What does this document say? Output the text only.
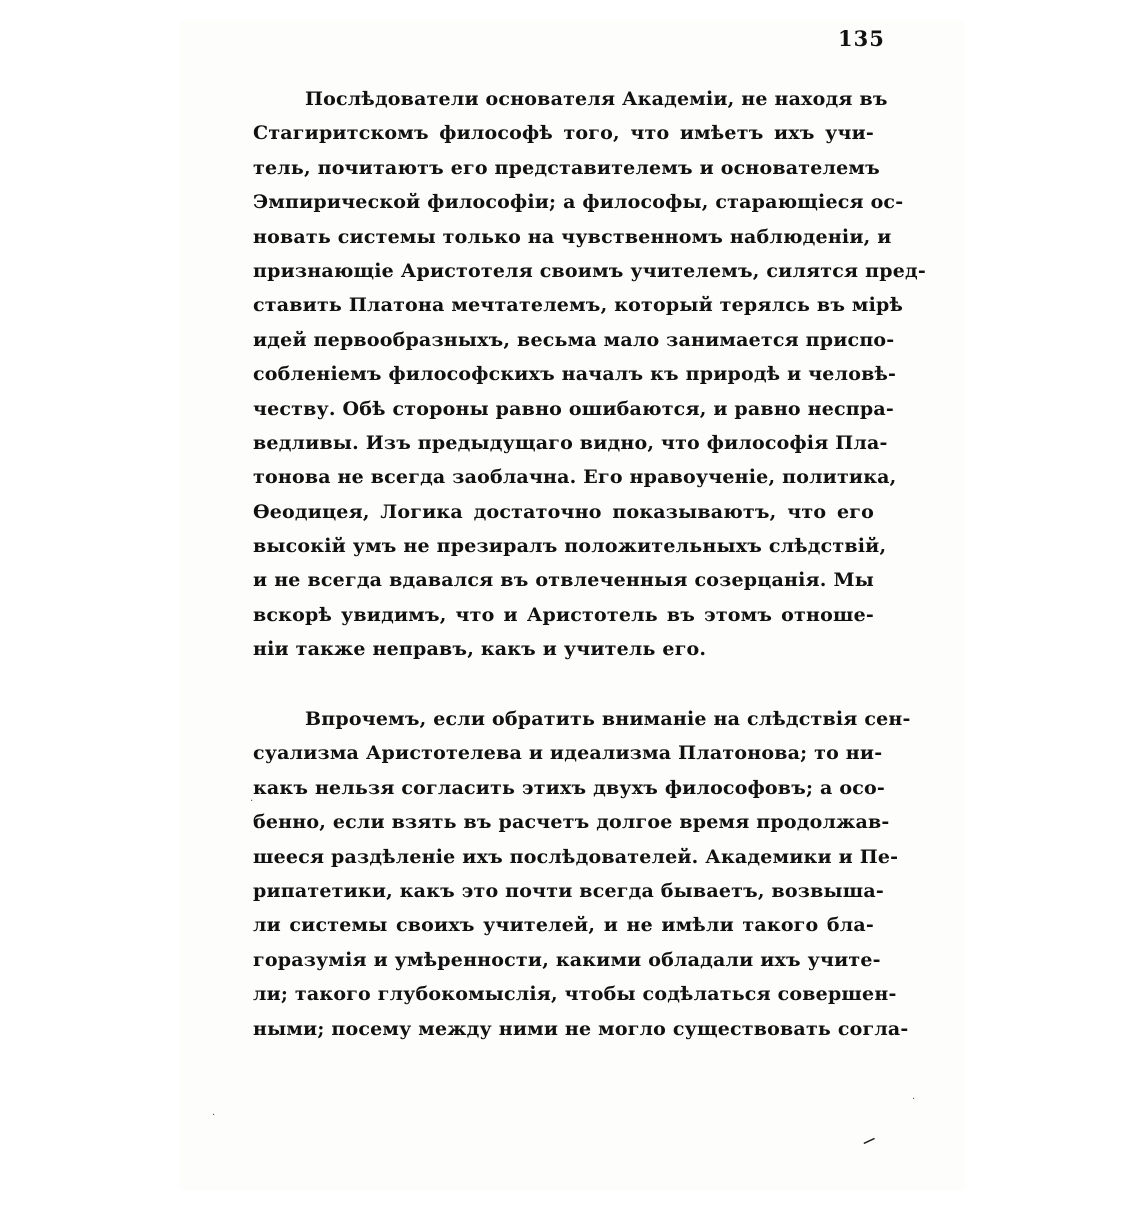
135
Послѣдователи основателя Академіи, не находя въ
Стагиритскомъ философѣ того, что имѣетъ ихъ учи-
тель, почитаютъ его представителемъ и основателемъ
Эмпирической философіи; а философы, старающіеся ос-
новать системы только на чувственномъ наблюденіи, и
признающіе Аристотеля своимъ учителемъ, силятся пред-
ставить Платона мечтателемъ, который терялсь въ мірѣ
идей первообразныхъ, весьма мало занимается приспо-
собленіемъ философскихъ началъ къ природѣ и человѣ-
честву. Обѣ стороны равно ошибаются, и равно неспра-
ведливы. Изъ предыдущаго видно, что философія Пла-
тонова не всегда заоблачна. Его нравоученіе, политика,
Ѳеодицея, Логика достаточно показываютъ, что его
высокій умъ не презиралъ положительныхъ слѣдствій,
и не всегда вдавался въ отвлеченныя созерцанія. Мы
вскорѣ увидимъ, что и Аристотель въ этомъ отноше-
ніи также неправъ, какъ и учитель его.
Впрочемъ, если обратить вниманіе на слѣдствія сен-
суализма Аристотелева и идеализма Платонова; то ни-
какъ нельзя согласить этихъ двухъ философовъ; а осо-
бенно, если взять въ расчетъ долгое время продолжав-
шееся раздѣленіе ихъ послѣдователей. Академики и Пе-
рипатетики, какъ это почти всегда бываетъ, возвыша-
ли системы своихъ учителей, и не имѣли такого бла-
горазумія и умѣренности, какими обладали ихъ учите-
ли; такого глубокомыслія, чтобы содѣлаться совершен-
ными; посему между ними не могло существовать согла-
·
·
‒
·
